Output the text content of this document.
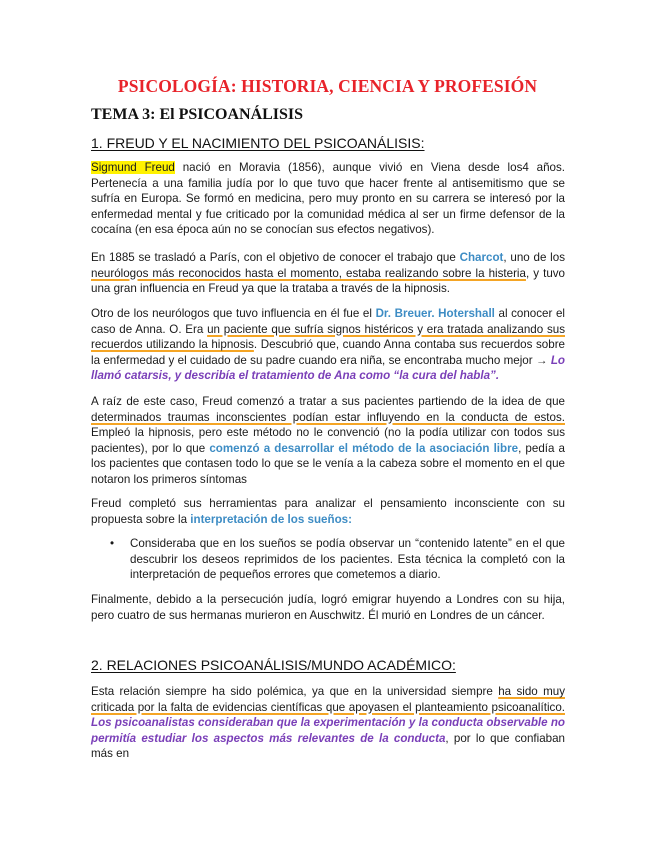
PSICOLOGÍA: HISTORIA, CIENCIA Y PROFESIÓN
TEMA 3: El PSICOANÁLISIS
1. FREUD Y EL NACIMIENTO DEL PSICOANÁLISIS:
Sigmund Freud nació en Moravia (1856), aunque vivió en Viena desde los4 años. Pertenecía a una familia judía por lo que tuvo que hacer frente al antisemitismo que se sufría en Europa. Se formó en medicina, pero muy pronto en su carrera se interesó por la enfermedad mental y fue criticado por la comunidad médica al ser un firme defensor de la cocaína (en esa época aún no se conocían sus efectos negativos).
En 1885 se trasladó a París, con el objetivo de conocer el trabajo que Charcot, uno de los neurólogos más reconocidos hasta el momento, estaba realizando sobre la histeria, y tuvo una gran influencia en Freud ya que la trataba a través de la hipnosis.
Otro de los neurólogos que tuvo influencia en él fue el Dr. Breuer. Hotershall al conocer el caso de Anna. O. Era un paciente que sufría signos histéricos y era tratada analizando sus recuerdos utilizando la hipnosis. Descubrió que, cuando Anna contaba sus recuerdos sobre la enfermedad y el cuidado de su padre cuando era niña, se encontraba mucho mejor → Lo llamó catarsis, y describía el tratamiento de Ana como “la cura del habla”.
A raíz de este caso, Freud comenzó a tratar a sus pacientes partiendo de la idea de que determinados traumas inconscientes podían estar influyendo en la conducta de estos. Empleó la hipnosis, pero este método no le convenció (no la podía utilizar con todos sus pacientes), por lo que comenzó a desarrollar el método de la asociación libre, pedía a los pacientes que contasen todo lo que se le venía a la cabeza sobre el momento en el que notaron los primeros síntomas
Freud completó sus herramientas para analizar el pensamiento inconsciente con su propuesta sobre la interpretación de los sueños:
• Consideraba que en los sueños se podía observar un “contenido latente” en el que descubrir los deseos reprimidos de los pacientes. Esta técnica la completó con la interpretación de pequeños errores que cometemos a diario.
Finalmente, debido a la persecución judía, logró emigrar huyendo a Londres con su hija, pero cuatro de sus hermanas murieron en Auschwitz. Él murió en Londres de un cáncer.
2. RELACIONES PSICOANÁLISIS/MUNDO ACADÉMICO:
Esta relación siempre ha sido polémica, ya que en la universidad siempre ha sido muy criticada por la falta de evidencias científicas que apoyasen el planteamiento psicoanalítico. Los psicoanalistas consideraban que la experimentación y la conducta observable no permitía estudiar los aspectos más relevantes de la conducta, por lo que confiaban más en
